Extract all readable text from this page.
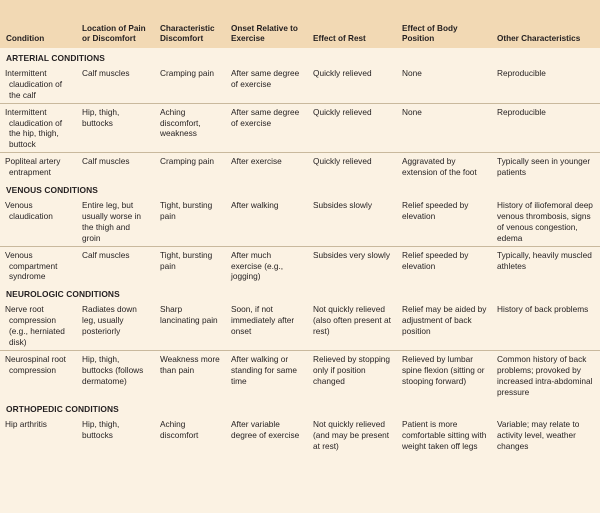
Condition	Location of Pain or Discomfort	Characteristic Discomfort	Onset Relative to Exercise	Effect of Rest	Effect of Body Position	Other Characteristics
ARTERIAL CONDITIONS						
Intermittent claudication of the calf	Calf muscles	Cramping pain	After same degree of exercise	Quickly relieved	None	Reproducible
Intermittent claudication of the hip, thigh, buttock	Hip, thigh, buttocks	Aching discomfort, weakness	After same degree of exercise	Quickly relieved	None	Reproducible
Popliteal artery entrapment	Calf muscles	Cramping pain	After exercise	Quickly relieved	Aggravated by extension of the foot	Typically seen in younger patients
VENOUS CONDITIONS						
Venous claudication	Entire leg, but usually worse in the thigh and groin	Tight, bursting pain	After walking	Subsides slowly	Relief speeded by elevation	History of iliofemoral deep venous thrombosis, signs of venous congestion, edema
Venous compartment syndrome	Calf muscles	Tight, bursting pain	After much exercise (e.g., jogging)	Subsides very slowly	Relief speeded by elevation	Typically, heavily muscled athletes
NEUROLOGIC CONDITIONS						
Nerve root compression (e.g., herniated disk)	Radiates down leg, usually posteriorly	Sharp lancinating pain	Soon, if not immediately after onset	Not quickly relieved (also often present at rest)	Relief may be aided by adjustment of back position	History of back problems
Neurospinal root compression	Hip, thigh, buttocks (follows dermatome)	Weakness more than pain	After walking or standing for same time	Relieved by stopping only if position changed	Relieved by lumbar spine flexion (sitting or stooping forward)	Common history of back problems; provoked by increased intra-abdominal pressure
ORTHOPEDIC CONDITIONS						
Hip arthritis	Hip, thigh, buttocks	Aching discomfort	After variable degree of exercise	Not quickly relieved (and may be present at rest)	Patient is more comfortable sitting with weight taken off legs	Variable; may relate to activity level, weather changes
